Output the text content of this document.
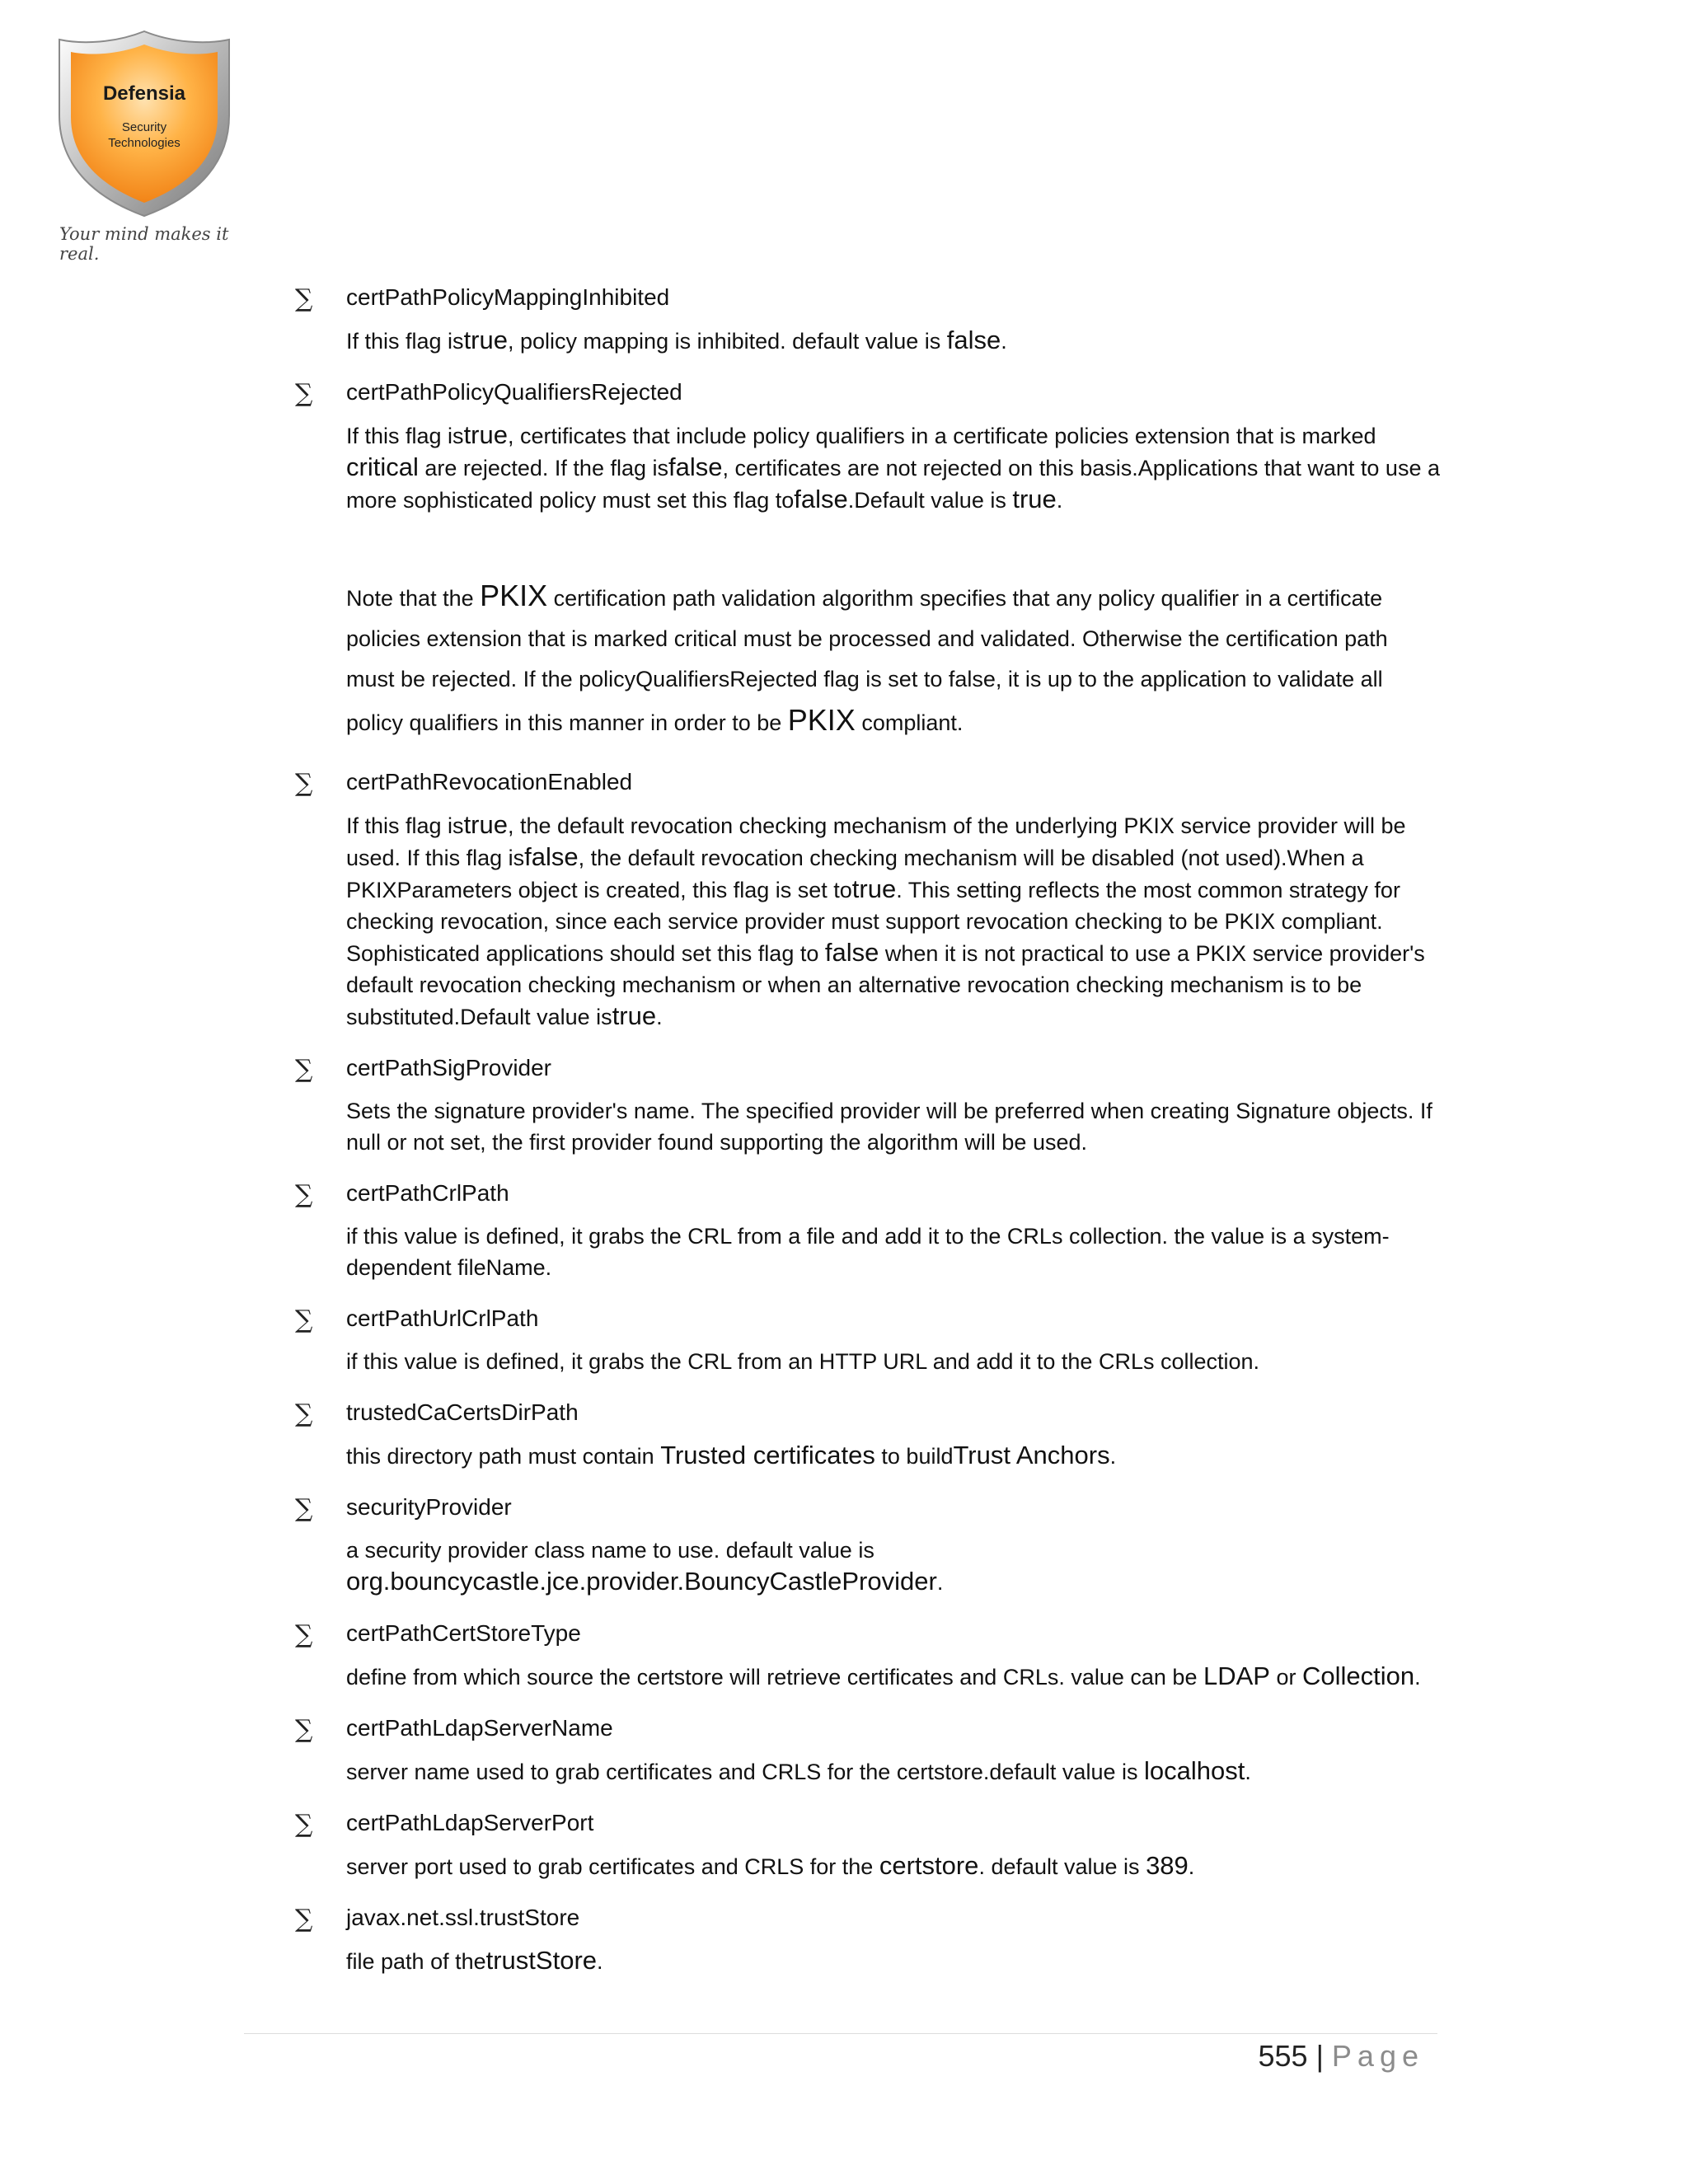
Defensia
Security
Technologies
Your mind makes it real.
∑ certPathPolicyMappingInhibited
If this flag istrue, policy mapping is inhibited. default value is false.
∑ certPathPolicyQualifiersRejected
If this flag istrue, certificates that include policy qualifiers in a certificate policies extension that is marked critical are rejected. If the flag isfalse, certificates are not rejected on this basis.Applications that want to use a more sophisticated policy must set this flag tofalse.Default value is true.
Note that the PKIX certification path validation algorithm specifies that any policy qualifier in a certificate policies extension that is marked critical must be processed and validated. Otherwise the certification path must be rejected. If the policyQualifiersRejected flag is set to false, it is up to the application to validate all policy qualifiers in this manner in order to be PKIX compliant.
∑ certPathRevocationEnabled
If this flag istrue, the default revocation checking mechanism of the underlying PKIX service provider will be used. If this flag isfalse, the default revocation checking mechanism will be disabled (not used).When a PKIXParameters object is created, this flag is set totrue. This setting reflects the most common strategy for checking revocation, since each service provider must support revocation checking to be PKIX compliant. Sophisticated applications should set this flag to false when it is not practical to use a PKIX service provider's default revocation checking mechanism or when an alternative revocation checking mechanism is to be substituted.Default value istrue.
∑ certPathSigProvider
Sets the signature provider's name. The specified provider will be preferred when creating Signature objects. If null or not set, the first provider found supporting the algorithm will be used.
∑ certPathCrlPath
if this value is defined, it grabs the CRL from a file and add it to the CRLs collection. the value is a system-dependent fileName.
∑ certPathUrlCrlPath
if this value is defined, it grabs the CRL from an HTTP URL and add it to the CRLs collection.
∑ trustedCaCertsDirPath
this directory path must contain Trusted certificates to buildTrust Anchors.
∑ securityProvider
a security provider class name to use. default value is org.bouncycastle.jce.provider.BouncyCastleProvider.
∑ certPathCertStoreType
define from which source the certstore will retrieve certificates and CRLs. value can be LDAP or Collection.
∑ certPathLdapServerName
server name used to grab certificates and CRLS for the certstore.default value is localhost.
∑ certPathLdapServerPort
server port used to grab certificates and CRLS for the certstore. default value is 389.
∑ javax.net.ssl.trustStore
file path of thetrustStore.
555 | Page
